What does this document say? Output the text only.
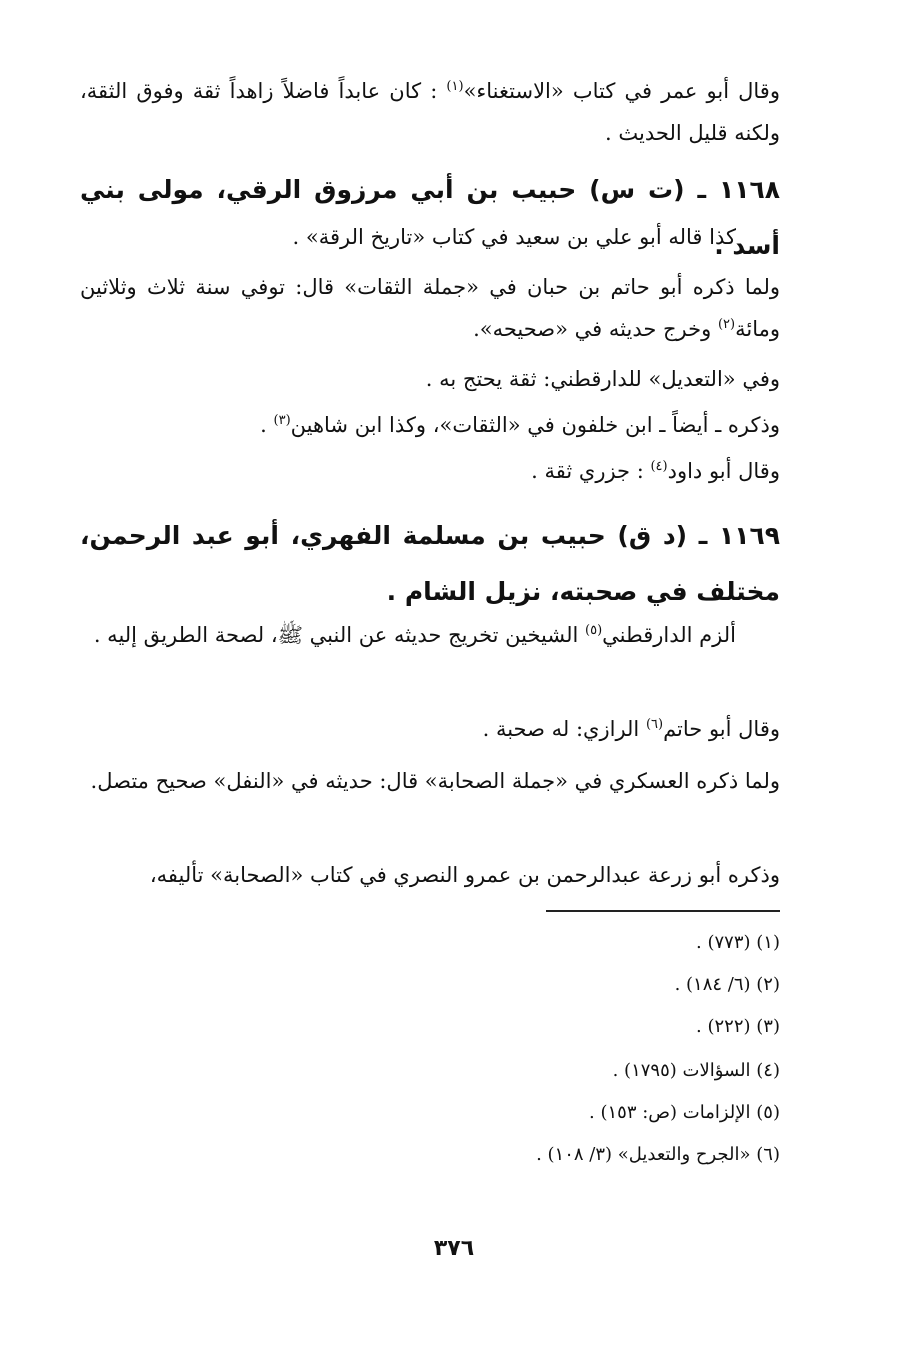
وقال أبو عمر في كتاب «الاستغناء»$^{(١)}$ : كان عابداً فاضلاً زاهداً ثقة وفوق الثقة، ولكنه قليل الحديث .

١١٦٨ ـ (ت س) حبيب بن أبي مرزوق الرقي، مولى بني أسد .

كذا قاله أبو علي بن سعيد في كتاب «تاريخ الرقة» .

ولما ذكره أبو حاتم بن حبان في «جملة الثقات» قال: توفي سنة ثلاث وثلاثين ومائة$^{(٢)}$ وخرج حديثه في «صحيحه».

وفي «التعديل» للدارقطني: ثقة يحتج به .

وذكره ـ أيضاً ـ ابن خلفون في «الثقات»، وكذا ابن شاهين$^{(٣)}$ .

وقال أبو داود$^{(٤)}$ : جزري ثقة .

١١٦٩ ـ (د ق) حبيب بن مسلمة الفهري، أبو عبد الرحمن، مختلف في صحبته، نزيل الشام .

ألزم الدارقطني$^{(٥)}$ الشيخين تخريج حديثه عن النبي ﷺ، لصحة الطريق إليه .

وقال أبو حاتم$^{(٦)}$ الرازي: له صحبة .

ولما ذكره العسكري في «جملة الصحابة» قال: حديثه في «النفل» صحيح متصل.

وذكره أبو زرعة عبدالرحمن بن عمرو النصري في كتاب «الصحابة» تأليفه،

(١) (٧٧٣) .

(٢) (٦/ ١٨٤) .

(٣) (٢٢٢) .

(٤) السؤالات (١٧٩٥) .

(٥) الإلزامات (ص: ١٥٣) .

(٦) «الجرح والتعديل» (٣/ ١٠٨) .

٣٧٦
